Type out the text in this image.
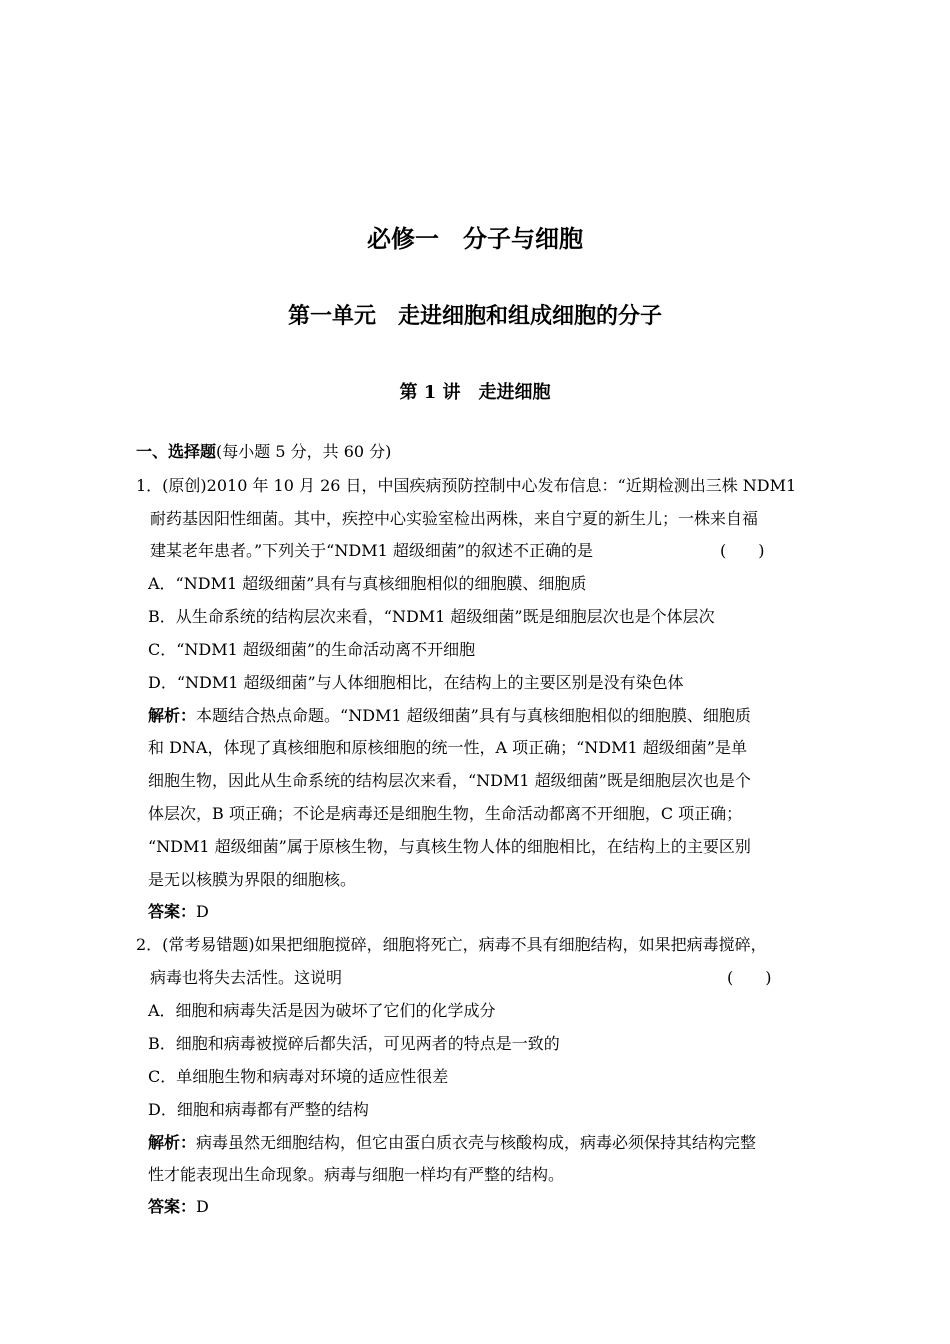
必修一　分子与细胞
第一单元　走进细胞和组成细胞的分子
第 1 讲　走进细胞
一、选择题(每小题 5 分，共 60 分)
1．(原创)2010 年 10 月 26 日，中国疾病预防控制中心发布信息：“近期检测出三株 NDM1
耐药基因阳性细菌。其中，疾控中心实验室检出两株，来自宁夏的新生儿；一株来自福
建某老年患者。”下列关于“NDM1 超级细菌”的叙述不正确的是	(　　)
A．“NDM1 超级细菌”具有与真核细胞相似的细胞膜、细胞质
B．从生命系统的结构层次来看，“NDM1 超级细菌”既是细胞层次也是个体层次
C．“NDM1 超级细菌”的生命活动离不开细胞
D．“NDM1 超级细菌”与人体细胞相比，在结构上的主要区别是没有染色体
解析：本题结合热点命题。“NDM1 超级细菌”具有与真核细胞相似的细胞膜、细胞质
和 DNA，体现了真核细胞和原核细胞的统一性，A 项正确；“NDM1 超级细菌”是单
细胞生物，因此从生命系统的结构层次来看，“NDM1 超级细菌”既是细胞层次也是个
体层次，B 项正确；不论是病毒还是细胞生物，生命活动都离不开细胞，C 项正确；
“NDM1 超级细菌”属于原核生物，与真核生物人体的细胞相比，在结构上的主要区别
是无以核膜为界限的细胞核。
答案：D
2．(常考易错题)如果把细胞搅碎，细胞将死亡，病毒不具有细胞结构，如果把病毒搅碎，
病毒也将失去活性。这说明	(　　)
A．细胞和病毒失活是因为破坏了它们的化学成分
B．细胞和病毒被搅碎后都失活，可见两者的特点是一致的
C．单细胞生物和病毒对环境的适应性很差
D．细胞和病毒都有严整的结构
解析：病毒虽然无细胞结构，但它由蛋白质衣壳与核酸构成，病毒必须保持其结构完整
性才能表现出生命现象。病毒与细胞一样均有严整的结构。
答案：D
